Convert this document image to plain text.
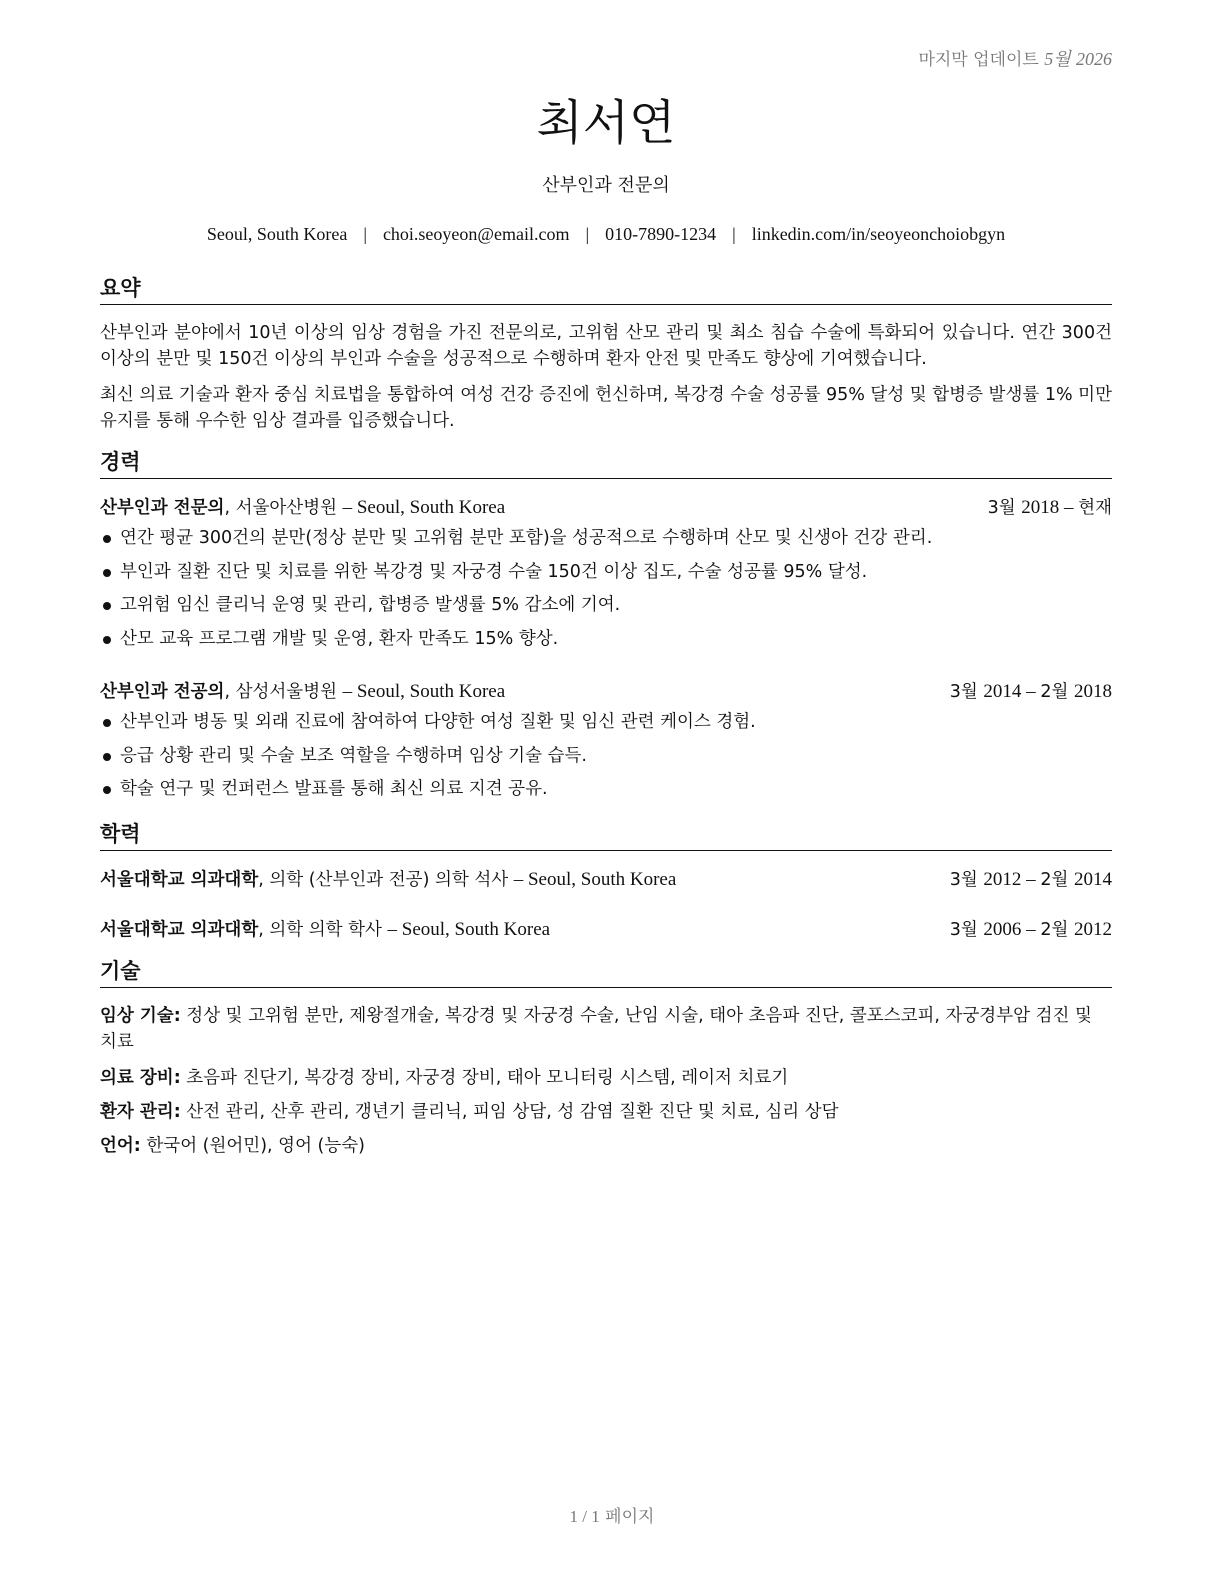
마지막 업데이트 5월 2026
최서연
산부인과 전문의
Seoul, South Korea | choi.seoyeon@email.com | 010-7890-1234 | linkedin.com/in/seoyeonchoiobgyn
요약

산부인과 분야에서 10년 이상의 임상 경험을 가진 전문의로, 고위험 산모 관리 및 최소 침습 수술에 특화되어 있습니다. 연간 300건 이상의 분만 및 150건 이상의 부인과 수술을 성공적으로 수행하며 환자 안전 및 만족도 향상에 기여했습니다.

최신 의료 기술과 환자 중심 치료법을 통합하여 여성 건강 증진에 헌신하며, 복강경 수술 성공률 95% 달성 및 합병증 발생률 1% 미만 유지를 통해 우수한 임상 결과를 입증했습니다.

경력
산부인과 전문의, 서울아산병원 – Seoul, South Korea	3월 2018 – 현재
연간 평균 300건의 분만(정상 분만 및 고위험 분만 포함)을 성공적으로 수행하며 산모 및 신생아 건강 관리.
부인과 질환 진단 및 치료를 위한 복강경 및 자궁경 수술 150건 이상 집도, 수술 성공률 95% 달성.
고위험 임신 클리닉 운영 및 관리, 합병증 발생률 5% 감소에 기여.
산모 교육 프로그램 개발 및 운영, 환자 만족도 15% 향상.
산부인과 전공의, 삼성서울병원 – Seoul, South Korea	3월 2014 – 2월 2018
산부인과 병동 및 외래 진료에 참여하여 다양한 여성 질환 및 임신 관련 케이스 경험.
응급 상황 관리 및 수술 보조 역할을 수행하며 임상 기술 습득.
학술 연구 및 컨퍼런스 발표를 통해 최신 의료 지견 공유.
학력
서울대학교 의과대학, 의학 (산부인과 전공) 의학 석사 – Seoul, South Korea	3월 2012 – 2월 2014
서울대학교 의과대학, 의학 의학 학사 – Seoul, South Korea	3월 2006 – 2월 2012
기술

임상 기술: 정상 및 고위험 분만, 제왕절개술, 복강경 및 자궁경 수술, 난임 시술, 태아 초음파 진단, 콜포스코피, 자궁경부암 검진 및 치료

의료 장비: 초음파 진단기, 복강경 장비, 자궁경 장비, 태아 모니터링 시스템, 레이저 치료기

환자 관리: 산전 관리, 산후 관리, 갱년기 클리닉, 피임 상담, 성 감염 질환 진단 및 치료, 심리 상담

언어: 한국어 (원어민), 영어 (능숙)

1 / 1 페이지
